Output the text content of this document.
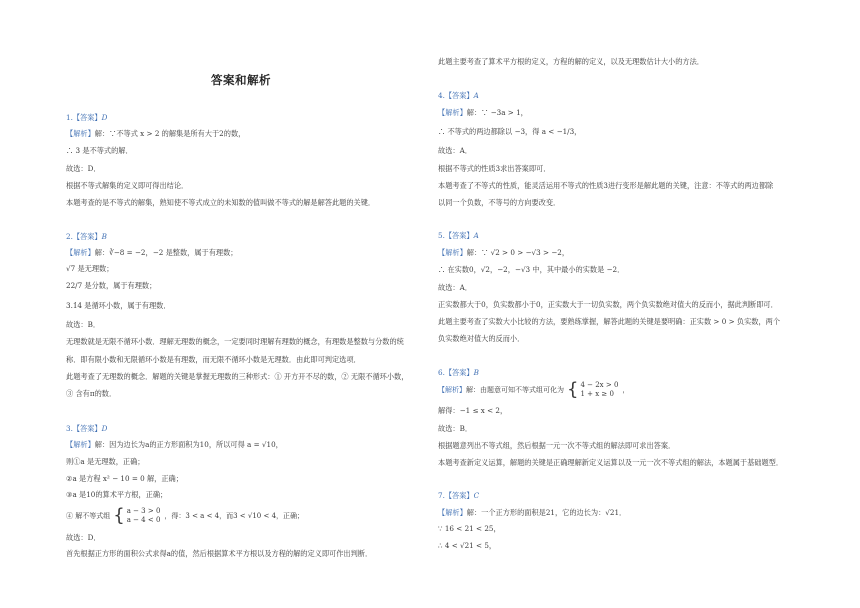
答案和解析
1.【答案】D
【解析】解：∵不等式 x > 2 的解集是所有大于2的数，
∴ 3 是不等式的解．
故选：D．
根据不等式解集的定义即可得出结论．
本题考查的是不等式的解集，熟知使不等式成立的未知数的值叫做不等式的解是解答此题的关键．
2.【答案】B
【解析】解：∛−8 = −2，−2 是整数，属于有理数；
√7 是无理数；
22/7 是分数，属于有理数；
3.1̇4̇ 是循环小数，属于有理数．
故选：B．
无理数就是无限不循环小数．理解无理数的概念，一定要同时理解有理数的概念，有理数是整数与分数的统
称．即有限小数和无限循环小数是有理数，而无限不循环小数是无理数．由此即可判定选项．
此题考查了无理数的概念．解题的关键是掌握无理数的三种形式：① 开方开不尽的数，② 无限不循环小数，
③ 含有π的数．
3.【答案】D
【解析】解：因为边长为a的正方形面积为10，所以可得 a = √10，
则①a 是无理数，正确；
②a 是方程 x² − 10 = 0 解，正确；
③a 是10的算术平方根，正确；
④ 解不等式组 { a − 3 > 0
a − 4 < 0
，得：3 < a < 4，而3 < √10 < 4，正确；
故选：D．
首先根据正方形的面积公式求得a的值，然后根据算术平方根以及方程的解的定义即可作出判断．
此题主要考查了算术平方根的定义，方程的解的定义，以及无理数估计大小的方法．
4.【答案】A
【解析】解：∵ −3a > 1，
∴ 不等式的两边都除以 −3，得 a < −1/3，
故选：A．
根据不等式的性质3求出答案即可．
本题考查了不等式的性质，能灵活运用不等式的性质3进行变形是解此题的关键，注意：不等式的两边都除
以同一个负数，不等号的方向要改变．
5.【答案】A
【解析】解：∵ √2 > 0 > −√3 > −2，
∴ 在实数0，√2，−2，−√3 中，其中最小的实数是 −2．
故选：A．
正实数都大于0，负实数都小于0，正实数大于一切负实数，两个负实数绝对值大的反而小，据此判断即可．
此题主要考查了实数大小比较的方法，要熟练掌握，解答此题的关键是要明确：正实数 > 0 > 负实数，两个
负实数绝对值大的反而小．
6.【答案】B
【解析】解：由题意可知不等式组可化为 { 4 − 2x > 0
1 + x ≥ 0
，
解得：−1 ≤ x < 2，
故选：B．
根据题意列出不等式组，然后根据一元一次不等式组的解法即可求出答案．
本题考查新定义运算，解题的关键是正确理解新定义运算以及一元一次不等式组的解法，本题属于基础题型．
7.【答案】C
【解析】解：一个正方形的面积是21，它的边长为：√21．
∵ 16 < 21 < 25，
∴ 4 < √21 < 5，
